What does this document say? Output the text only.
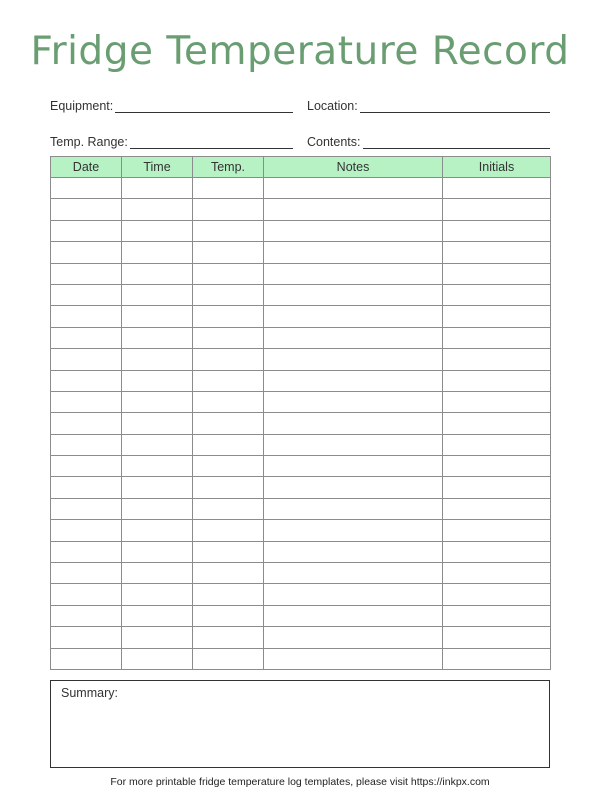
Fridge Temperature Record
Equipment:	Location:
Temp. Range:	Contents:
Date	Time	Temp.	Notes	Initials

Summary:
For more printable fridge temperature log templates, please visit https://inkpx.com
